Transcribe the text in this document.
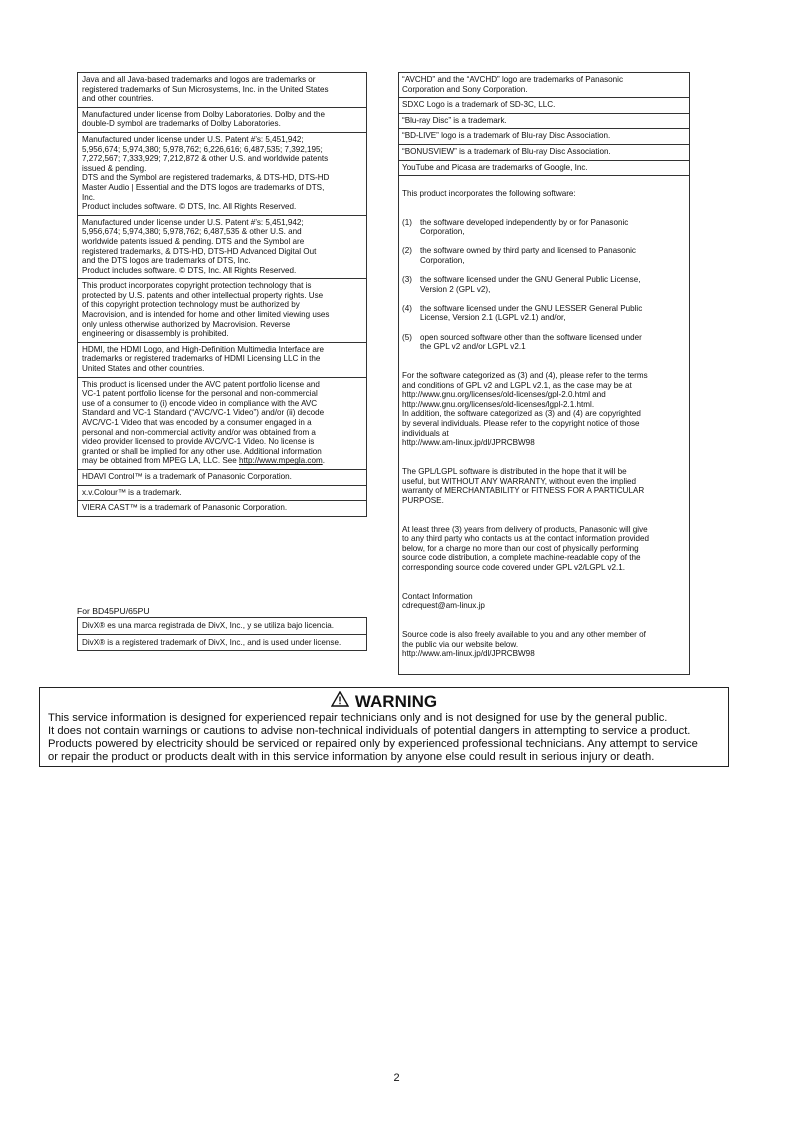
Java and all Java-based trademarks and logos are trademarks or
registered trademarks of Sun Microsystems, Inc. in the United States
and other countries.
Manufactured under license from Dolby Laboratories. Dolby and the
double-D symbol are trademarks of Dolby Laboratories.
Manufactured under license under U.S. Patent #’s: 5,451,942;
5,956,674; 5,974,380; 5,978,762; 6,226,616; 6,487,535; 7,392,195;
7,272,567; 7,333,929; 7,212,872 & other U.S. and worldwide patents
issued & pending.
DTS and the Symbol are registered trademarks, & DTS-HD, DTS-HD
Master Audio | Essential and the DTS logos are trademarks of DTS,
Inc.
Product includes software. © DTS, Inc. All Rights Reserved.
Manufactured under license under U.S. Patent #’s: 5,451,942;
5,956,674; 5,974,380; 5,978,762; 6,487,535 & other U.S. and
worldwide patents issued & pending. DTS and the Symbol are
registered trademarks, & DTS-HD, DTS-HD Advanced Digital Out
and the DTS logos are trademarks of DTS, Inc.
Product includes software. © DTS, Inc. All Rights Reserved.
This product incorporates copyright protection technology that is
protected by U.S. patents and other intellectual property rights. Use
of this copyright protection technology must be authorized by
Macrovision, and is intended for home and other limited viewing uses
only unless otherwise authorized by Macrovision. Reverse
engineering or disassembly is prohibited.
HDMI, the HDMI Logo, and High-Definition Multimedia Interface are
trademarks or registered trademarks of HDMI Licensing LLC in the
United States and other countries.
This product is licensed under the AVC patent portfolio license and
VC-1 patent portfolio license for the personal and non-commercial
use of a consumer to (i) encode video in compliance with the AVC
Standard and VC-1 Standard (“AVC/VC-1 Video”) and/or (ii) decode
AVC/VC-1 Video that was encoded by a consumer engaged in a
personal and non-commercial activity and/or was obtained from a
video provider licensed to provide AVC/VC-1 Video. No license is
granted or shall be implied for any other use. Additional information
may be obtained from MPEG LA, LLC. See http://www.mpegla.com.
HDAVI Control™ is a trademark of Panasonic Corporation.
x.v.Colour™ is a trademark.
VIERA CAST™ is a trademark of Panasonic Corporation.
“AVCHD” and the “AVCHD” logo are trademarks of Panasonic
Corporation and Sony Corporation.
SDXC Logo is a trademark of SD-3C, LLC.
“Blu-ray Disc” is a trademark.
“BD-LIVE” logo is a trademark of Blu-ray Disc Association.
“BONUSVIEW” is a trademark of Blu-ray Disc Association.
YouTube and Picasa are trademarks of Google, Inc.

This product incorporates the following software:

(1) the software developed independently by or for Panasonic
Corporation,

(2) the software owned by third party and licensed to Panasonic
Corporation,

(3) the software licensed under the GNU General Public License,
Version 2 (GPL v2),

(4) the software licensed under the GNU LESSER General Public
License, Version 2.1 (LGPL v2.1) and/or,

(5) open sourced software other than the software licensed under
the GPL v2 and/or LGPL v2.1

For the software categorized as (3) and (4), please refer to the terms
and conditions of GPL v2 and LGPL v2.1, as the case may be at
http://www.gnu.org/licenses/old-licenses/gpl-2.0.html and
http://www.gnu.org/licenses/old-licenses/lgpl-2.1.html.
In addition, the software categorized as (3) and (4) are copyrighted
by several individuals. Please refer to the copyright notice of those
individuals at
http://www.am-linux.jp/dl/JPRCBW98

The GPL/LGPL software is distributed in the hope that it will be
useful, but WITHOUT ANY WARRANTY, without even the implied
warranty of MERCHANTABILITY or FITNESS FOR A PARTICULAR
PURPOSE.

At least three (3) years from delivery of products, Panasonic will give
to any third party who contacts us at the contact information provided
below, for a charge no more than our cost of physically performing
source code distribution, a complete machine-readable copy of the
corresponding source code covered under GPL v2/LGPL v2.1.

Contact Information
cdrequest@am-linux.jp

Source code is also freely available to you and any other member of
the public via our website below.
http://www.am-linux.jp/dl/JPRCBW98

For BD45PU/65PU
DivX® es una marca registrada de DivX, Inc., y se utiliza bajo licencia.
DivX® is a registered trademark of DivX, Inc., and is used under license.
WARNING
This service information is designed for experienced repair technicians only and is not designed for use by the general public.
It does not contain warnings or cautions to advise non-technical individuals of potential dangers in attempting to service a product.
Products powered by electricity should be serviced or repaired only by experienced professional technicians. Any attempt to service
or repair the product or products dealt with in this service information by anyone else could result in serious injury or death.
2
